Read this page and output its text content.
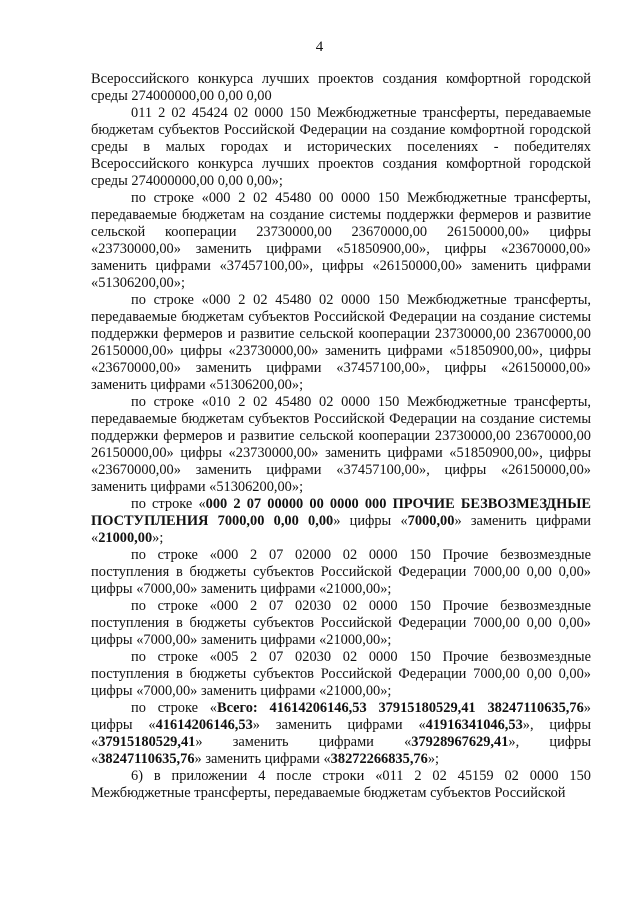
4

Всероссийского конкурса лучших проектов создания комфортной городской среды 274000000,00 0,00 0,00

011 2 02 45424 02 0000 150 Межбюджетные трансферты, передаваемые бюджетам субъектов Российской Федерации на создание комфортной городской среды в малых городах и исторических поселениях - победителях Всероссийского конкурса лучших проектов создания комфортной городской среды 274000000,00 0,00 0,00»;

по строке «000 2 02 45480 00 0000 150 Межбюджетные трансферты, передаваемые бюджетам на создание системы поддержки фермеров и развитие сельской кооперации 23730000,00 23670000,00 26150000,00» цифры «23730000,00» заменить цифрами «51850900,00», цифры «23670000,00» заменить цифрами «37457100,00», цифры «26150000,00» заменить цифрами «51306200,00»;

по строке «000 2 02 45480 02 0000 150 Межбюджетные трансферты, передаваемые бюджетам субъектов Российской Федерации на создание системы поддержки фермеров и развитие сельской кооперации 23730000,00 23670000,00 26150000,00» цифры «23730000,00» заменить цифрами «51850900,00», цифры «23670000,00» заменить цифрами «37457100,00», цифры «26150000,00» заменить цифрами «51306200,00»;

по строке «010 2 02 45480 02 0000 150 Межбюджетные трансферты, передаваемые бюджетам субъектов Российской Федерации на создание системы поддержки фермеров и развитие сельской кооперации 23730000,00 23670000,00 26150000,00» цифры «23730000,00» заменить цифрами «51850900,00», цифры «23670000,00» заменить цифрами «37457100,00», цифры «26150000,00» заменить цифрами «51306200,00»;

по строке «000 2 07 00000 00 0000 000 ПРОЧИЕ БЕЗВОЗМЕЗДНЫЕ ПОСТУПЛЕНИЯ 7000,00 0,00 0,00» цифры «7000,00» заменить цифрами «21000,00»;

по строке «000 2 07 02000 02 0000 150 Прочие безвозмездные поступления в бюджеты субъектов Российской Федерации 7000,00 0,00 0,00» цифры «7000,00» заменить цифрами «21000,00»;

по строке «000 2 07 02030 02 0000 150 Прочие безвозмездные поступления в бюджеты субъектов Российской Федерации 7000,00 0,00 0,00» цифры «7000,00» заменить цифрами «21000,00»;

по строке «005 2 07 02030 02 0000 150 Прочие безвозмездные поступления в бюджеты субъектов Российской Федерации 7000,00 0,00 0,00» цифры «7000,00» заменить цифрами «21000,00»;

по строке «Всего: 41614206146,53 37915180529,41 38247110635,76» цифры «41614206146,53» заменить цифрами «41916341046,53», цифры «37915180529,41» заменить цифрами «37928967629,41», цифры «38247110635,76» заменить цифрами «38272266835,76»;

6) в приложении 4 после строки «011 2 02 45159 02 0000 150 Межбюджетные трансферты, передаваемые бюджетам субъектов Российской
